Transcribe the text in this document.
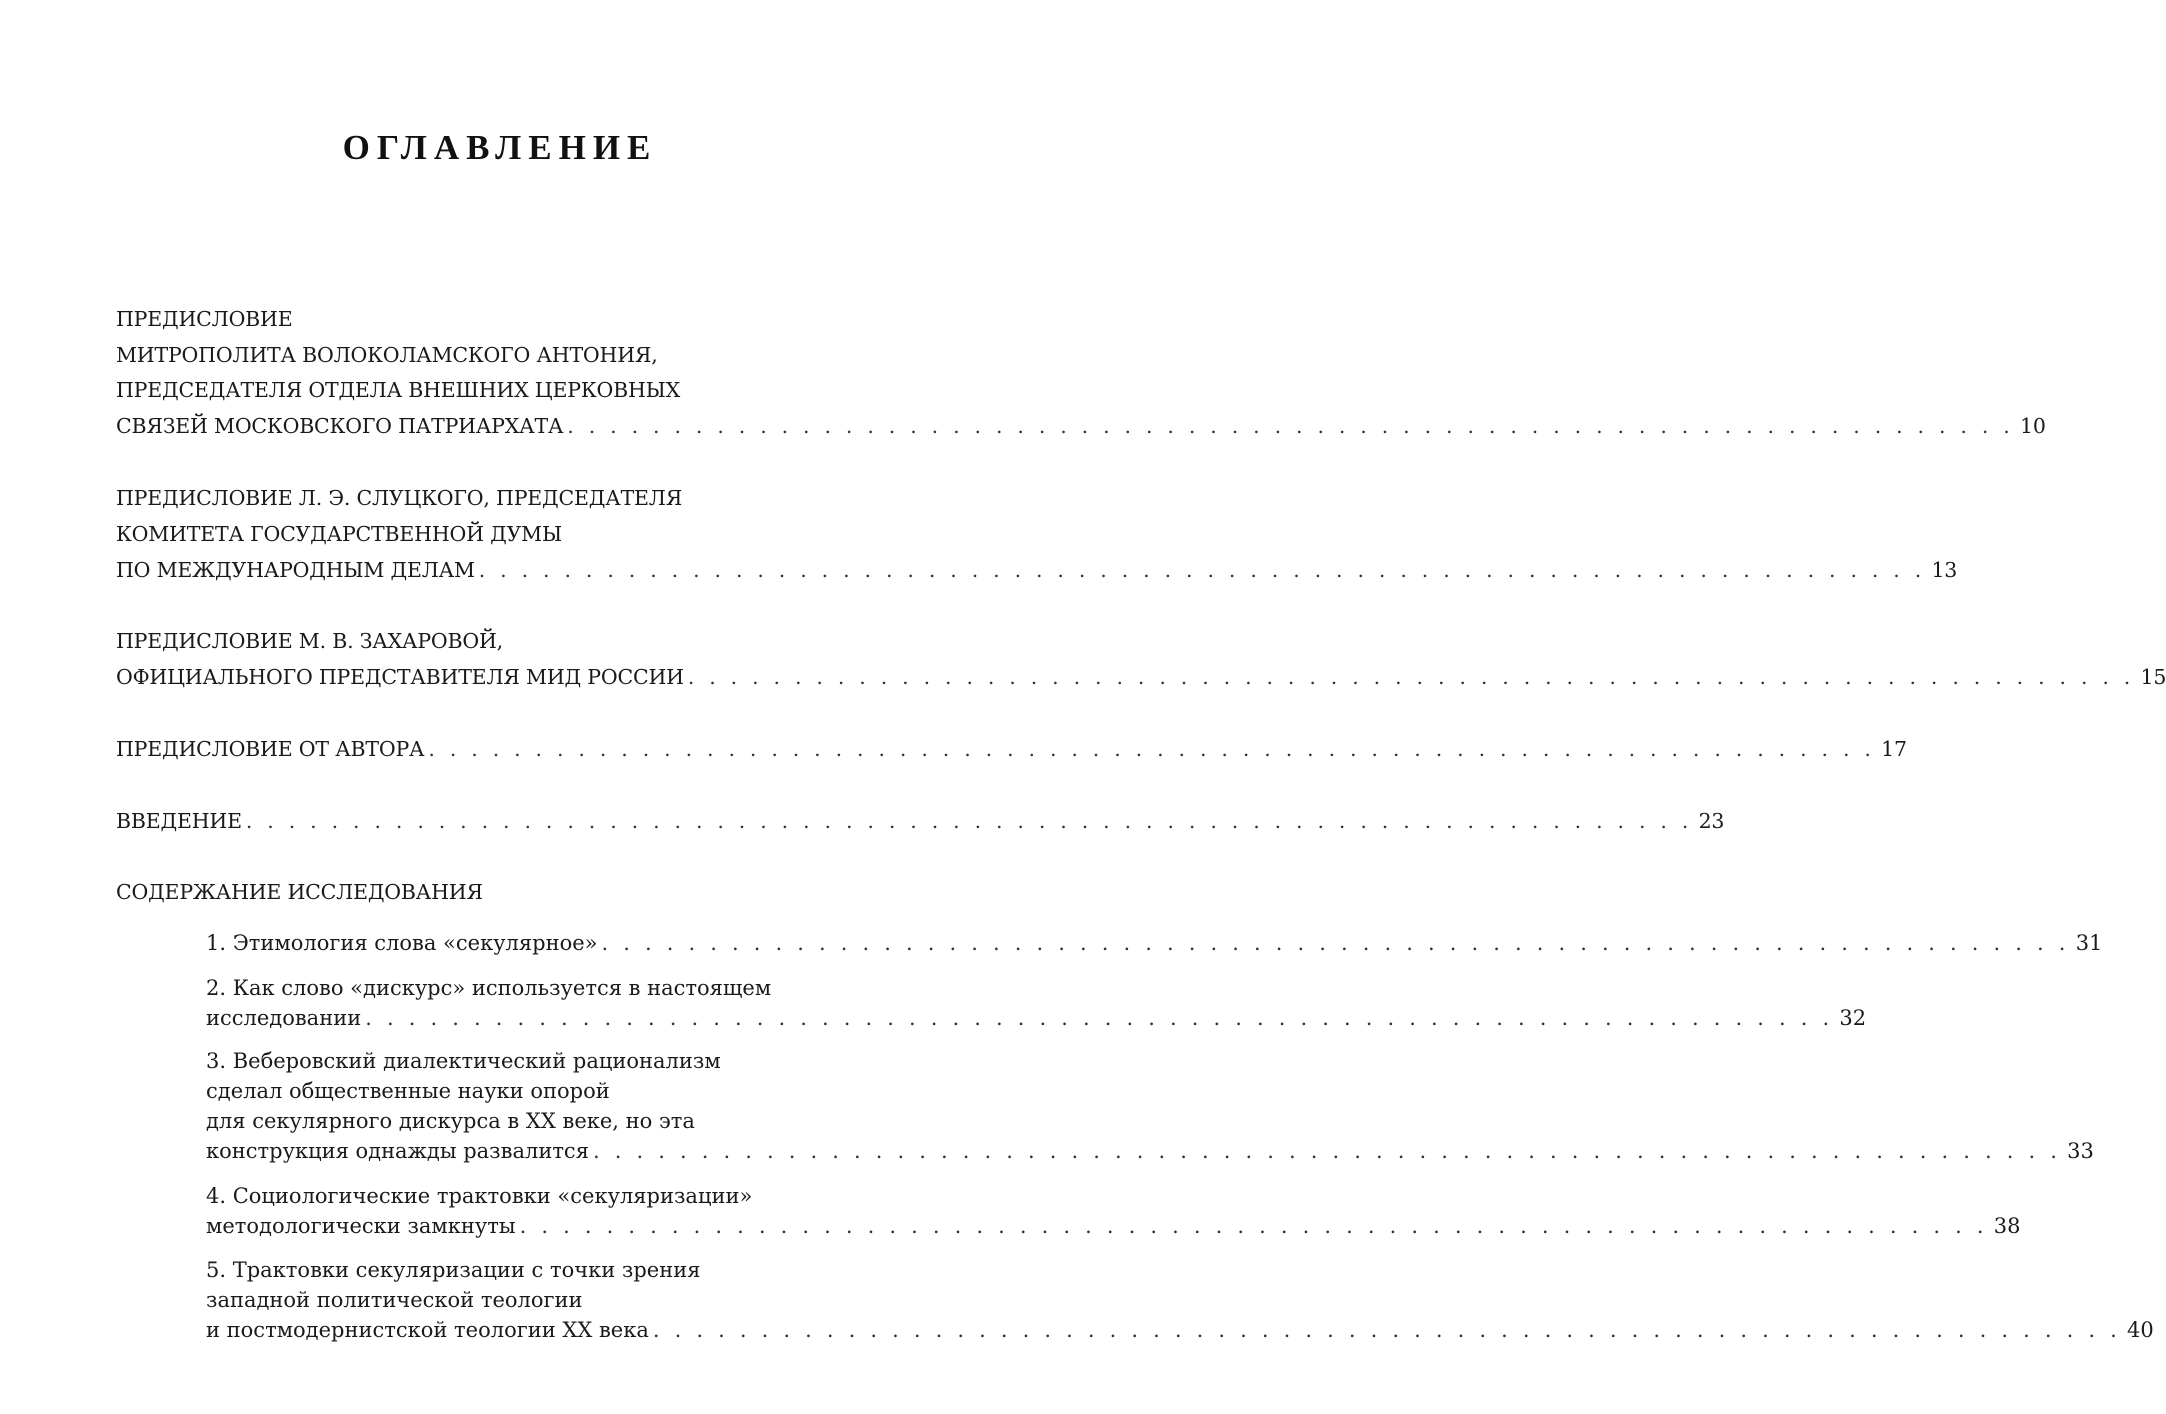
ОГЛАВЛЕНИЕ
ПРЕДИСЛОВИЕ
МИТРОПОЛИТА ВОЛОКОЛАМСКОГО АНТОНИЯ,
ПРЕДСЕДАТЕЛЯ ОТДЕЛА ВНЕШНИХ ЦЕРКОВНЫХ
СВЯЗЕЙ МОСКОВСКОГО ПАТРИАРХАТА . . . . . . . . . . . . . . . . . . . . . . . . . . . . . . . . . . . . . . . . . . . . . . . . . . . . . . . . . . . . . . . . . . . . 10
ПРЕДИСЛОВИЕ Л. Э. СЛУЦКОГО, ПРЕДСЕДАТЕЛЯ
КОМИТЕТА ГОСУДАРСТВЕННОЙ ДУМЫ
ПО МЕЖДУНАРОДНЫМ ДЕЛАМ . . . . . . . . . . . . . . . . . . . . . . . . . . . . . . . . . . . . . . . . . . . . . . . . . . . . . . . . . . . . . . . . . . . . 13
ПРЕДИСЛОВИЕ М. В. ЗАХАРОВОЙ,
ОФИЦИАЛЬНОГО ПРЕДСТАВИТЕЛЯ МИД РОССИИ . . . . . . . . . . . . . . . . . . . . . . . . . . . . . . . . . . . . . . . . . . . . . . . . . . . . . . . . . . . . . . . . . . . . 15
ПРЕДИСЛОВИЕ ОТ АВТОРА . . . . . . . . . . . . . . . . . . . . . . . . . . . . . . . . . . . . . . . . . . . . . . . . . . . . . . . . . . . . . . . . . . . . 17
ВВЕДЕНИЕ . . . . . . . . . . . . . . . . . . . . . . . . . . . . . . . . . . . . . . . . . . . . . . . . . . . . . . . . . . . . . . . . . . . . 23
СОДЕРЖАНИЕ ИССЛЕДОВАНИЯ
1. Этимология слова «секулярное» . . . . . . . . . . . . . . . . . . . . . . . . . . . . . . . . . . . . . . . . . . . . . . . . . . . . . . . . . . . . . . . . . . . . 31
2. Как слово «дискурс» используется в настоящем
исследовании . . . . . . . . . . . . . . . . . . . . . . . . . . . . . . . . . . . . . . . . . . . . . . . . . . . . . . . . . . . . . . . . . . . . 32
3. Веберовский диалектический рационализм
сделал общественные науки опорой
для секулярного дискурса в XX веке, но эта
конструкция однажды развалится . . . . . . . . . . . . . . . . . . . . . . . . . . . . . . . . . . . . . . . . . . . . . . . . . . . . . . . . . . . . . . . . . . . . 33
4. Социологические трактовки «секуляризации»
методологически замкнуты . . . . . . . . . . . . . . . . . . . . . . . . . . . . . . . . . . . . . . . . . . . . . . . . . . . . . . . . . . . . . . . . . . . . 38
5. Трактовки секуляризации с точки зрения
западной политической теологии
и постмодернистской теологии XX века . . . . . . . . . . . . . . . . . . . . . . . . . . . . . . . . . . . . . . . . . . . . . . . . . . . . . . . . . . . . . . . . . . . . 40
